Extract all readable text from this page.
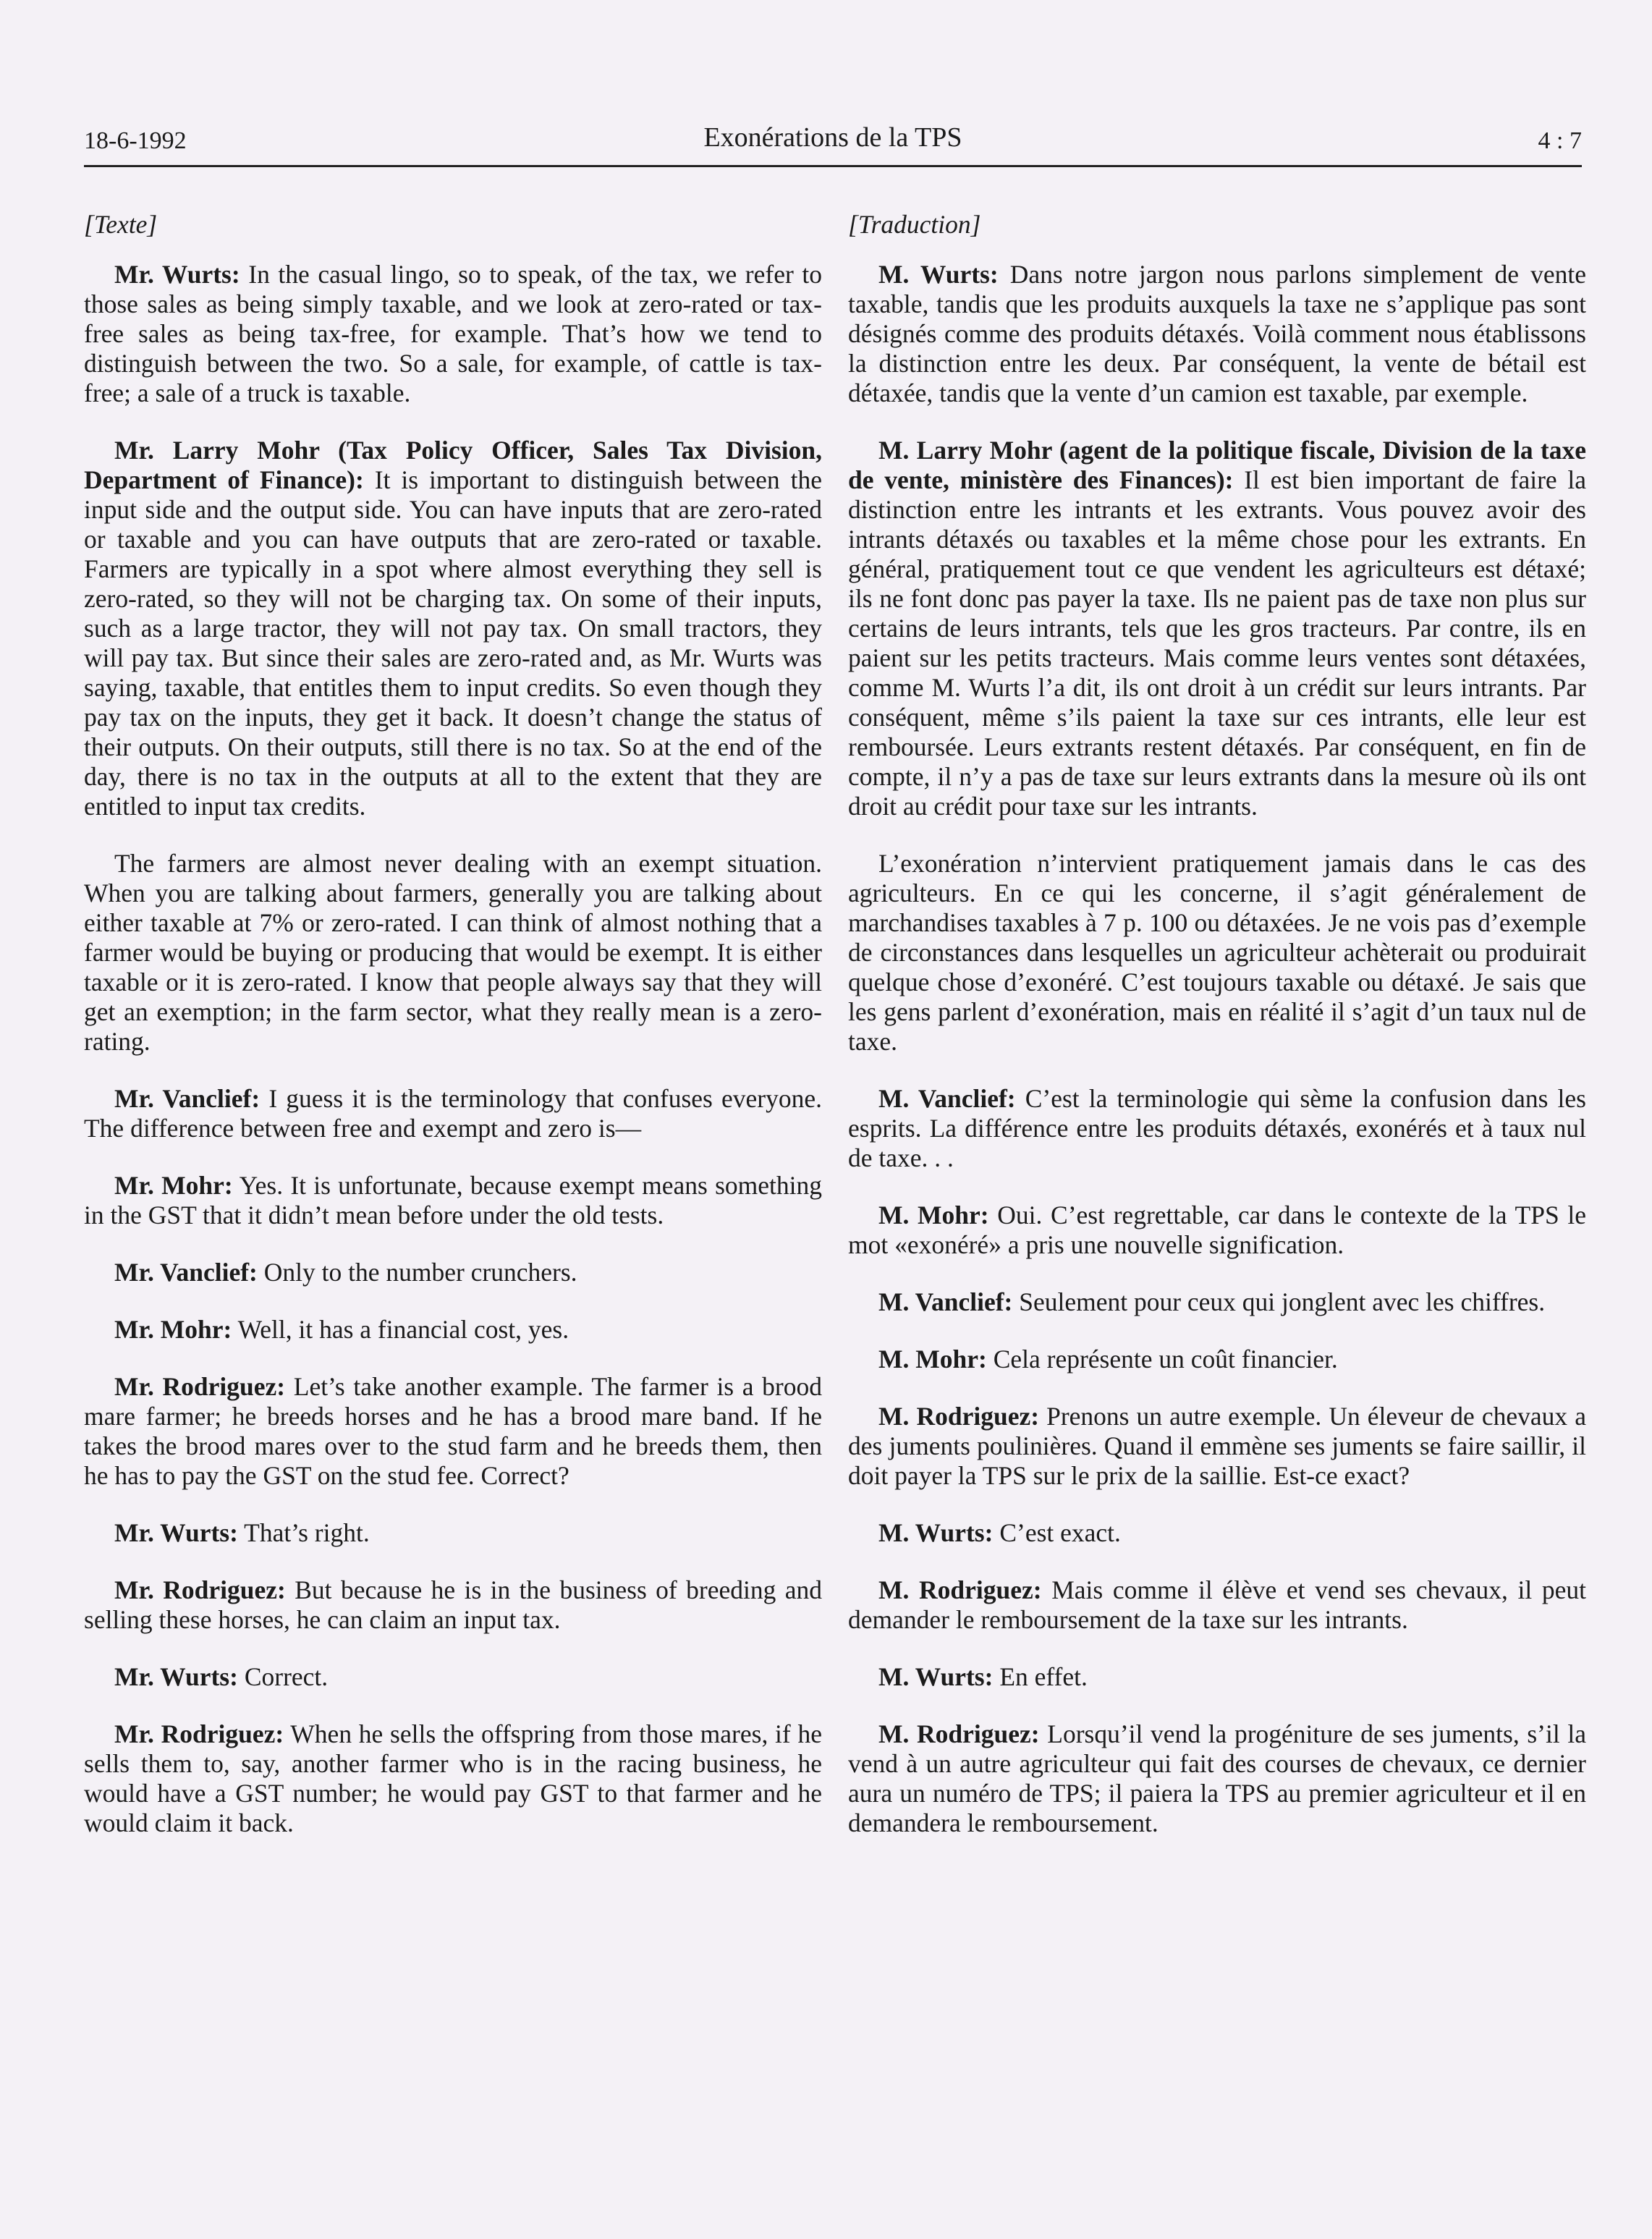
18-6-1992	Exonérations de la TPS	4 : 7
[Texte]

Mr. Wurts: In the casual lingo, so to speak, of the tax, we refer to those sales as being simply taxable, and we look at zero-rated or tax-free sales as being tax-free, for example. That’s how we tend to distinguish between the two. So a sale, for example, of cattle is tax-free; a sale of a truck is taxable.

Mr. Larry Mohr (Tax Policy Officer, Sales Tax Division, Department of Finance): It is important to distinguish between the input side and the output side. You can have inputs that are zero-rated or taxable and you can have outputs that are zero-rated or taxable. Farmers are typically in a spot where almost everything they sell is zero-rated, so they will not be charging tax. On some of their inputs, such as a large tractor, they will not pay tax. On small tractors, they will pay tax. But since their sales are zero-rated and, as Mr. Wurts was saying, taxable, that entitles them to input credits. So even though they pay tax on the inputs, they get it back. It doesn’t change the status of their outputs. On their outputs, still there is no tax. So at the end of the day, there is no tax in the outputs at all to the extent that they are entitled to input tax credits.

The farmers are almost never dealing with an exempt situation. When you are talking about farmers, generally you are talking about either taxable at 7% or zero-rated. I can think of almost nothing that a farmer would be buying or producing that would be exempt. It is either taxable or it is zero-rated. I know that people always say that they will get an exemption; in the farm sector, what they really mean is a zero-rating.

Mr. Vanclief: I guess it is the terminology that confuses everyone. The difference between free and exempt and zero is—

Mr. Mohr: Yes. It is unfortunate, because exempt means something in the GST that it didn’t mean before under the old tests.

Mr. Vanclief: Only to the number crunchers.

Mr. Mohr: Well, it has a financial cost, yes.

Mr. Rodriguez: Let’s take another example. The farmer is a brood mare farmer; he breeds horses and he has a brood mare band. If he takes the brood mares over to the stud farm and he breeds them, then he has to pay the GST on the stud fee. Correct?

Mr. Wurts: That’s right.

Mr. Rodriguez: But because he is in the business of breeding and selling these horses, he can claim an input tax.

Mr. Wurts: Correct.

Mr. Rodriguez: When he sells the offspring from those mares, if he sells them to, say, another farmer who is in the racing business, he would have a GST number; he would pay GST to that farmer and he would claim it back.

[Traduction]

M. Wurts: Dans notre jargon nous parlons simplement de vente taxable, tandis que les produits auxquels la taxe ne s’applique pas sont désignés comme des produits détaxés. Voilà comment nous établissons la distinction entre les deux. Par conséquent, la vente de bétail est détaxée, tandis que la vente d’un camion est taxable, par exemple.

M. Larry Mohr (agent de la politique fiscale, Division de la taxe de vente, ministère des Finances): Il est bien important de faire la distinction entre les intrants et les extrants. Vous pouvez avoir des intrants détaxés ou taxables et la même chose pour les extrants. En général, pratiquement tout ce que vendent les agriculteurs est détaxé; ils ne font donc pas payer la taxe. Ils ne paient pas de taxe non plus sur certains de leurs intrants, tels que les gros tracteurs. Par contre, ils en paient sur les petits tracteurs. Mais comme leurs ventes sont détaxées, comme M. Wurts l’a dit, ils ont droit à un crédit sur leurs intrants. Par conséquent, même s’ils paient la taxe sur ces intrants, elle leur est remboursée. Leurs extrants restent détaxés. Par conséquent, en fin de compte, il n’y a pas de taxe sur leurs extrants dans la mesure où ils ont droit au crédit pour taxe sur les intrants.

L’exonération n’intervient pratiquement jamais dans le cas des agriculteurs. En ce qui les concerne, il s’agit généralement de marchandises taxables à 7 p. 100 ou détaxées. Je ne vois pas d’exemple de circonstances dans lesquelles un agriculteur achèterait ou produirait quelque chose d’exonéré. C’est toujours taxable ou détaxé. Je sais que les gens parlent d’exonération, mais en réalité il s’agit d’un taux nul de taxe.

M. Vanclief: C’est la terminologie qui sème la confusion dans les esprits. La différence entre les produits détaxés, exonérés et à taux nul de taxe. . .

M. Mohr: Oui. C’est regrettable, car dans le contexte de la TPS le mot «exonéré» a pris une nouvelle signification.

M. Vanclief: Seulement pour ceux qui jonglent avec les chiffres.

M. Mohr: Cela représente un coût financier.

M. Rodriguez: Prenons un autre exemple. Un éleveur de chevaux a des juments poulinières. Quand il emmène ses juments se faire saillir, il doit payer la TPS sur le prix de la saillie. Est-ce exact?

M. Wurts: C’est exact.

M. Rodriguez: Mais comme il élève et vend ses chevaux, il peut demander le remboursement de la taxe sur les intrants.

M. Wurts: En effet.

M. Rodriguez: Lorsqu’il vend la progéniture de ses juments, s’il la vend à un autre agriculteur qui fait des courses de chevaux, ce dernier aura un numéro de TPS; il paiera la TPS au premier agriculteur et il en demandera le remboursement.
